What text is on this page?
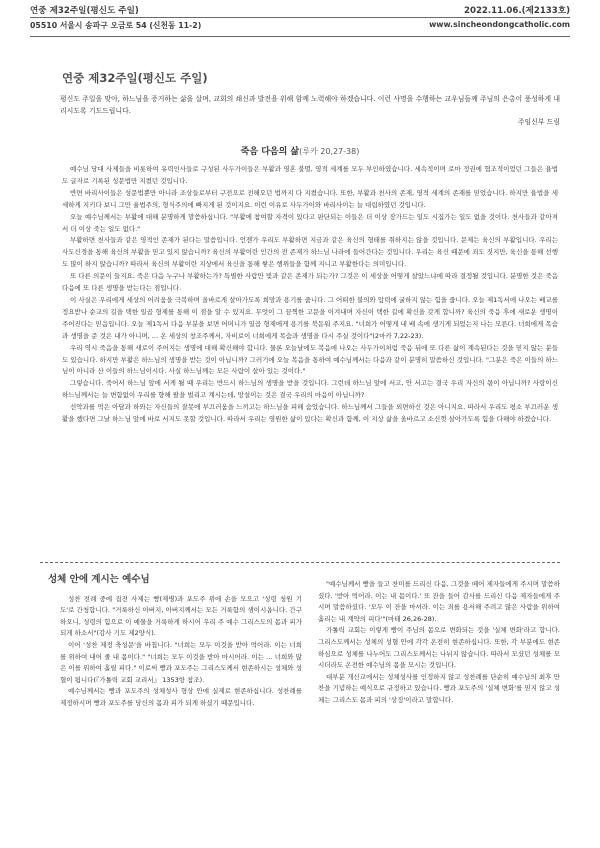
연중 제32주일(평신도 주일)	2022.11.06.(제2133호)
05510 서울시 송파구 오금로 54 (신천동 11-2)	www.sincheondongcatholic.com
연중 제32주일(평신도 주일)
평신도 주일을 맞아, 하느님을 증거하는 삶을 살며, 교회의 쇄신과 발전을 위해 함께 노력해야 하겠습니다. 이런 사명을 수행하는 교우님들께 주님의 은총이 풍성하게 내리시도록 기도드립니다.
주임신부 드림
죽음 다음의 삶(루카 20,27-38)

예수님 당대 사제들을 비롯하여 유력인사들로 구성된 사두가이들은 부활과 영혼 불멸, 영적 세계를 모두 부인하였습니다. 세속적이며 로마 정권에 협조적이었던 그들은 율법도 글자로 기록된 성문법만 지켰던 것입니다.

반면 바리사이들은 성문법뿐만 아니라 조상들로부터 구전으로 전해오던 법까지 다 지켰습니다. 또한, 부활과 천사의 존재, 영적 세계의 존재를 믿었습니다. 하지만 율법을 세세하게 지키다 보니 그만 율법주의, 형식주의에 빠지게 된 것이지요. 이런 이유로 사두가이와 바리사이는 늘 대립하였던 것입니다.

오늘 예수님께서는 부활에 대해 분명하게 말씀하십니다. "부활에 참여할 자격이 있다고 판단되는 이들은 더 이상 장가드는 일도 시집가는 일도 없을 것이다. 천사들과 같아져서 더 이상 죽는 일도 없다."

부활하면 천사들과 같은 영적인 존재가 된다는 말씀입니다. 언젠가 우리도 부활하면 지금과 같은 육신의 형태를 취하지는 않을 것입니다. 문제는 육신의 부활입니다. 우리는 사도신경을 통해 육신의 부활을 믿고 있지 않습니까? 육신의 부활이란 인간의 전 존재가 하느님 나라에 들어간다는 것입니다. 우리는 육신 때문에 죄도 짓지만, 육신을 통해 선행도 많이 하지 않습니까? 따라서 육신의 부활이란 지상에서 육신을 통해 쌓은 행위들을 함께 지니고 부활한다는 의미입니다.

또 다른 의문이 들지요. 죽은 다음 누구나 부활하는가? 특별한 사람만 빛과 같은 존재가 되는가? 그것은 이 세상을 어떻게 살았느냐에 따라 결정될 것입니다. 분명한 것은 죽음 다음에 또 다른 생명을 받는다는 점입니다.

이 사실은 우리에게 세상의 어려움을 극복하며 올바르게 살아가도록 희망과 용기를 줍니다. 그 어떠한 불의와 압력에 굴하지 않는 힘을 줍니다. 오늘 제1독서에 나오는 베교를 정요받나 순교의 길을 택한 일곱 형제를 통해 이 점을 알 수 있지요. 무엇이 그 끔찍한 고문을 이겨내며 자신이 택한 길에 확신을 갖게 합니까? 육신의 죽음 후에 새로운 생명이 주어진다는 믿음입니다. 오늘 제1독서 다음 부분을 보면 어머니가 일곱 형제에게 용기를 북돋워 주지요. "너희가 어떻게 내 배 속에 생기게 되었는지 나는 모른다. 너희에게 목숨과 생명을 준 것은 내가 아니며, … 온 세상의 창조주께서, 자비로이 너희에게 목숨과 생명을 다시 주실 것이다"(2마카 7,22-23).

우리 역시 죽음을 통해 새로이 주어지는 생명에 대해 확신해야 합니다. 물론 오늘날에도 복음에 나오는 사두가이처럼 죽음 뒤에 또 다른 삶이 계속된다는 것을 믿지 않는 분들도 있습니다. 하지만 부활은 하느님의 생명을 받는 것이 아닙니까? 그러기에 오늘 복음을 통하여 예수님께서는 다음과 같이 분명히 말씀하신 것입니다. "그분은 죽은 이들의 하느님이 아니라 산 이들의 하느님이시다. 사실 하느님께는 모든 사람이 살아 있는 것이다."

그렇습니다. 죽어서 하느님 앞에 서게 될 때 우리는 반드시 하느님의 생명을 받을 것입니다. 그런데 하느님 앞에 서고, 안 서고는 결국 우리 자신의 몫이 아닙니까? 사랑이신 하느님께서는 늘 변함없이 우리를 향해 팔을 벌리고 계시는데, 망설이는 것은 결국 우리의 마음이 아닙니까?

선악과를 먹은 아담과 하와는 자신들의 잘못에 부끄러움을 느끼고는 하느님을 피해 숨었습니다. 하느님께서 그들을 외면하신 것은 아니지요. 따라서 우리도 평소 부끄러운 생활을 했다면 그날 하느님 앞에 바로 서지도 못할 것입니다. 따라서 우리는 영원한 삶이 있다는 확신과 함께, 이 지상 삶을 올바르고 소신껏 살아가도록 힘을 다해야 하겠습니다.

성체 안에 계시는 예수님

성찬 전례 중에 집전 사제는 빵(제병)과 포도주 위에 손을 모으고 '성령 청원 기도'로 간청합니다. "거룩하신 아버지, 아버지께서는 모든 거룩함의 샘이시옵니다. 간구하오니, 성령의 힘으로 이 예물을 거룩하게 하시어 우리 주 예수 그리스도의 몸과 피가 되게 하소서"(감사 기도 제2양식).

이어 '성찬 제정 축성문'을 바칩니다. "너희는 모두 이것을 받아 먹어라. 이는 너희를 위하여 내어 줄 내 몸이다." "너희는 모두 이것을 받아 마시어라. 이는 … 너희와 많은 이를 위하여 흘릴 피다." 이로써 빵과 포도주는 그리스도께서 현존하시는 성체와 성혈이 됩니다(『가톨릭 교회 교리서』 1353항 참조).

예수님께서는 빵과 포도주의 성체성사 형상 안에 실제로 현존하십니다. 성찬례를 제정하시며 빵과 포도주를 당신의 몸과 피가 되게 하셨기 때문입니다.

"예수님께서 빵을 들고 찬미를 드리신 다음, 그것을 떼어 제자들에게 주시며 말씀하셨다. '받아 먹어라. 이는 내 몸이다.' 또 잔을 들어 감사를 드리신 다음 제자들에게 주시며 말씀하셨다. '모두 이 잔을 마셔라. 이는 죄를 용서해 주려고 많은 사람을 위하여 흘리는 내 계약의 피다'"(마태 26,26-28).

가톨릭 교회는 이렇게 빵이 주님의 몸으로 변화되는 것을 '실체 변화'라고 합니다. 그리스도께서는 성체의 성혈 안에 각각 온전히 현존하십니다. 또한, 각 부분에도 현존하심으로 성체를 나누어도 그리스도께서는 나뉘지 않습니다. 따라서 모셨던 성체를 모시더라도 온전한 예수님의 몸을 모시는 것입니다.

대부분 개신교에서는 성체성사를 인정하지 않고 성찬례를 단순히 예수님의 최후 만찬을 기념하는 예식으로 규정하고 있습니다. 빵과 포도주의 '실체 변화'를 믿지 않고 성체는 그리스도 몸과 피의 '상징'이라고 말합니다.
